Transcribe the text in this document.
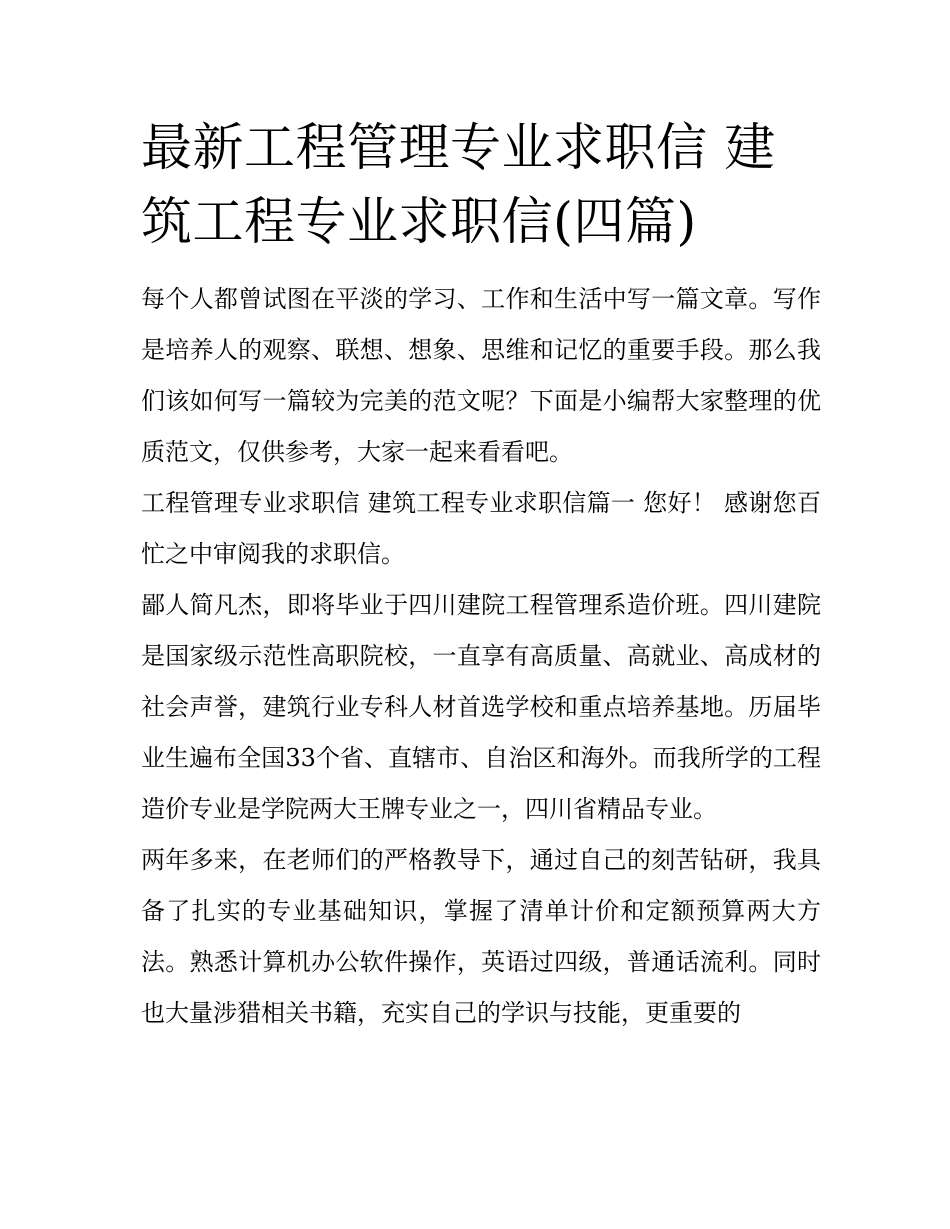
最新工程管理专业求职信 建筑工程专业求职信(四篇)

每个人都曾试图在平淡的学习、工作和生活中写一篇文章。写作是培养人的观察、联想、想象、思维和记忆的重要手段。那么我们该如何写一篇较为完美的范文呢？下面是小编帮大家整理的优质范文，仅供参考，大家一起来看看吧。

工程管理专业求职信 建筑工程专业求职信篇一 您好！ 感谢您百忙之中审阅我的求职信。

鄙人简凡杰，即将毕业于四川建院工程管理系造价班。四川建院是国家级示范性高职院校，一直享有高质量、高就业、高成材的社会声誉，建筑行业专科人材首选学校和重点培养基地。历届毕业生遍布全国33个省、直辖市、自治区和海外。而我所学的工程造价专业是学院两大王牌专业之一，四川省精品专业。

两年多来，在老师们的严格教导下，通过自己的刻苦钻研，我具备了扎实的专业基础知识，掌握了清单计价和定额预算两大方法。熟悉计算机办公软件操作，英语过四级，普通话流利。同时也大量涉猎相关书籍，充实自己的学识与技能，更重要的
